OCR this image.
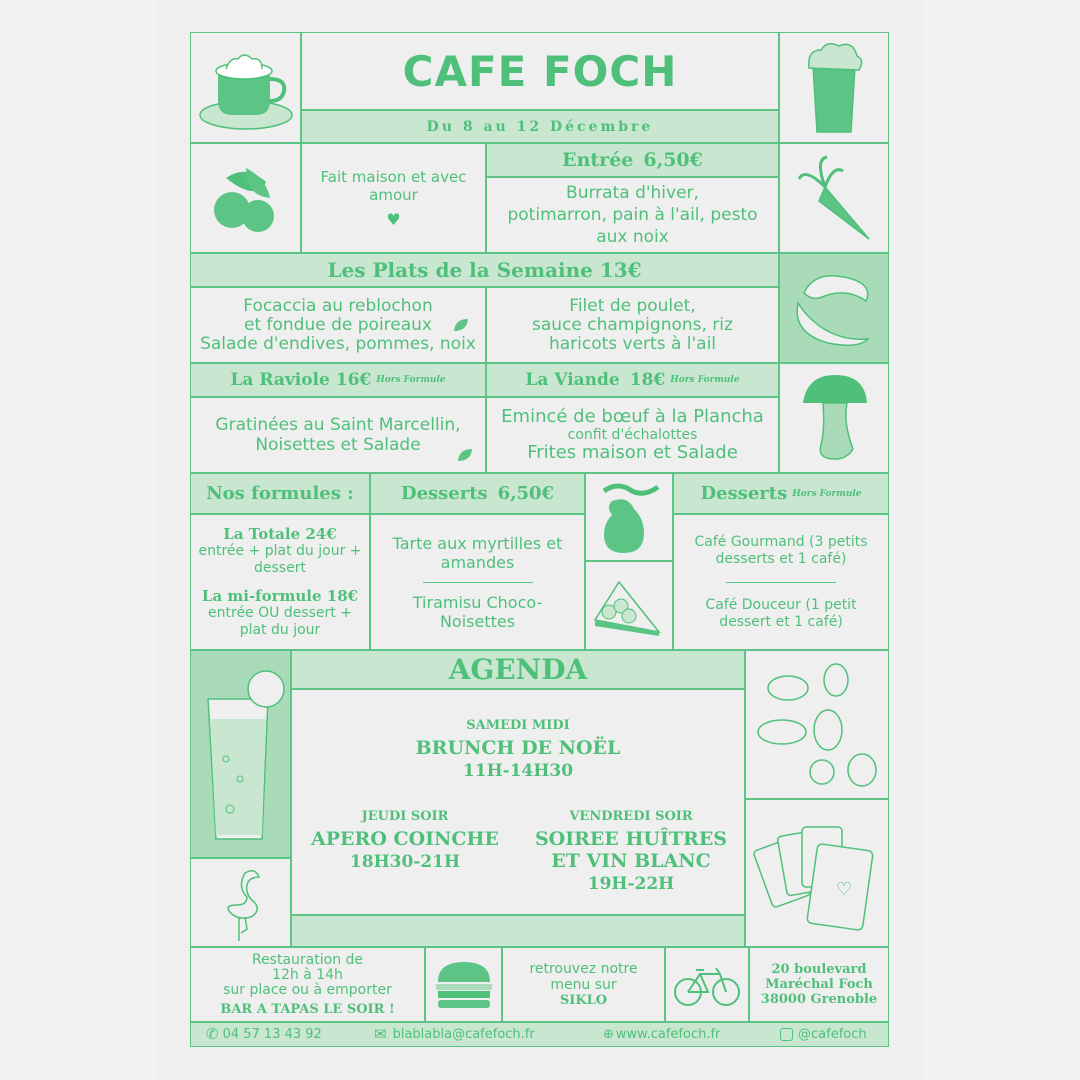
CAFE FOCH
Du 8 au 12 Décembre
Fait maison et avec amour
♥
Entrée 6,50€
Burrata d'hiver,
potimarron, pain à l'ail, pesto
aux noix
Les Plats de la Semaine 13€
Focaccia au reblochon
et fondue de poireaux
Salade d'endives, pommes, noix
Filet de poulet,
sauce champignons, riz
haricots verts à l'ail
La Raviole 16€ Hors Formule	La Viande 18€ Hors Formule
Gratinées au Saint Marcellin,
Noisettes et Salade
Emincé de bœuf à la Plancha
confit d'échalottes
Frites maison et Salade
Nos formules :	Desserts 6,50€	Desserts Hors Formule
La Totale 24€
entrée + plat du jour + dessert
La mi-formule 18€
entrée OU dessert + plat du jour
Tarte aux myrtilles et amandes
Tiramisu Choco-Noisettes
Café Gourmand (3 petits desserts et 1 café)
Café Douceur (1 petit dessert et 1 café)
AGENDA
SAMEDI MIDI
BRUNCH DE NOËL
11H-14H30
JEUDI SOIR
APERO COINCHE
18H30-21H
VENDREDI SOIR
SOIREE HUÎTRES
ET VIN BLANC
19H-22H	♡
Restauration de
12h à 14h
sur place ou à emporter
BAR A TAPAS LE SOIR !
retrouvez notre
menu sur
SIKLO
20 boulevard
Maréchal Foch
38000 Grenoble
✆ 04 57 13 43 92	✉ blablabla@cafefoch.fr	⊕ www.cafefoch.fr	@cafefoch
